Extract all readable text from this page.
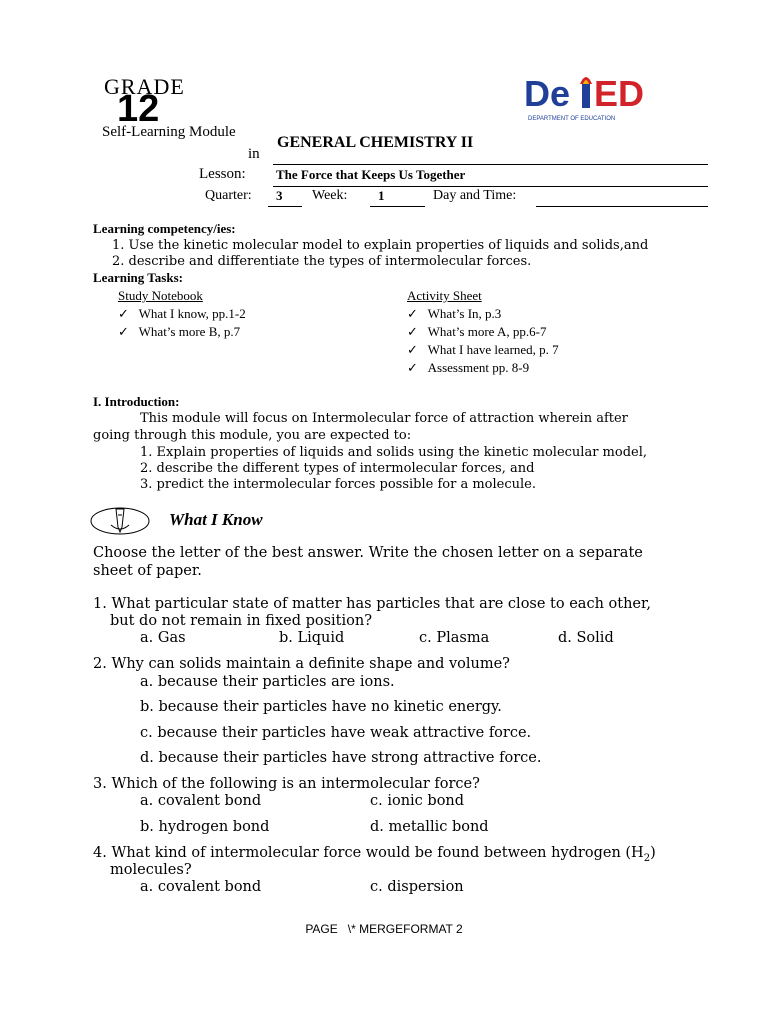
GRADE
12
Self-Learning Module
in
GENERAL CHEMISTRY II
Lesson: The Force that Keeps Us Together
Quarter: 3 Week: 1	Day and Time:
De ED
DEPARTMENT OF EDUCATION
Learning competency/ies:
1. Use the kinetic molecular model to explain properties of liquids and solids,and
2. describe and differentiate the types of intermolecular forces.
Learning Tasks:
Study Notebook
✓ What I know, pp.1-2
✓ What’s more B, p.7
Activity Sheet
✓ What’s In, p.3
✓ What’s more A, pp.6-7
✓ What I have learned, p. 7
✓ Assessment pp. 8-9
I. Introduction:
This module will focus on Intermolecular force of attraction wherein after
going through this module, you are expected to:
1. Explain properties of liquids and solids using the kinetic molecular model,
2. describe the different types of intermolecular forces, and
3. predict the intermolecular forces possible for a molecule.
What I Know
Choose the letter of the best answer. Write the chosen letter on a separate
sheet of paper.
1. What particular state of matter has particles that are close to each other,
but do not remain in fixed position?
a. Gas	b. Liquid	c. Plasma	d. Solid
2. Why can solids maintain a definite shape and volume?
a. because their particles are ions.
b. because their particles have no kinetic energy.
c. because their particles have weak attractive force.
d. because their particles have strong attractive force.
3. Which of the following is an intermolecular force?
a. covalent bond	c. ionic bond
b. hydrogen bond	d. metallic bond
4. What kind of intermolecular force would be found between hydrogen $(H_2)$
molecules?
a. covalent bond	c. dispersion
PAGE   \* MERGEFORMAT 2
